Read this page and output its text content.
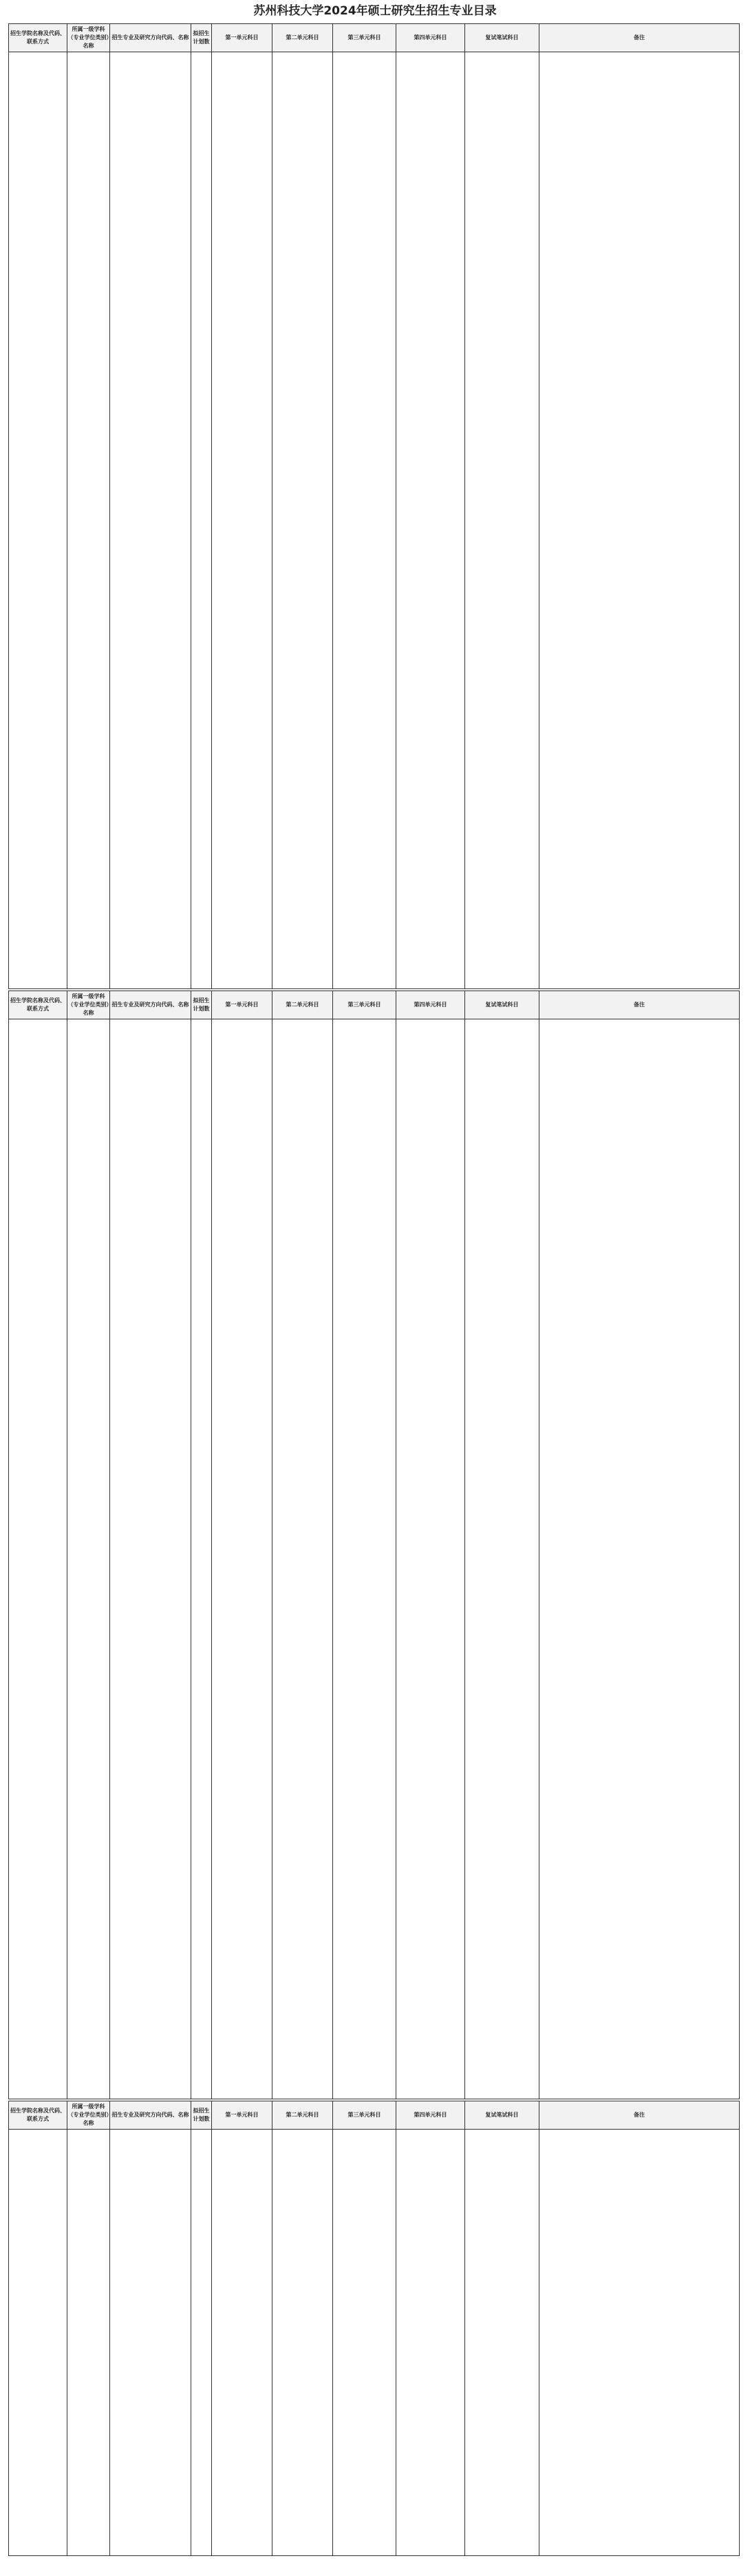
苏州科技大学2024年硕士研究生招生专业目录
招生学院名称及代码、联系方式	所属一级学科（专业学位类别）名称	招生专业及研究方向代码、名称	拟招生计划数	第一单元科目	第二单元科目	第三单元科目	第四单元科目	复试笔试科目	备注

招生学院名称及代码、联系方式	所属一级学科（专业学位类别）名称	招生专业及研究方向代码、名称	拟招生计划数	第一单元科目	第二单元科目	第三单元科目	第四单元科目	复试笔试科目	备注

招生学院名称及代码、联系方式	所属一级学科（专业学位类别）名称	招生专业及研究方向代码、名称	拟招生计划数	第一单元科目	第二单元科目	第三单元科目	第四单元科目	复试笔试科目	备注
